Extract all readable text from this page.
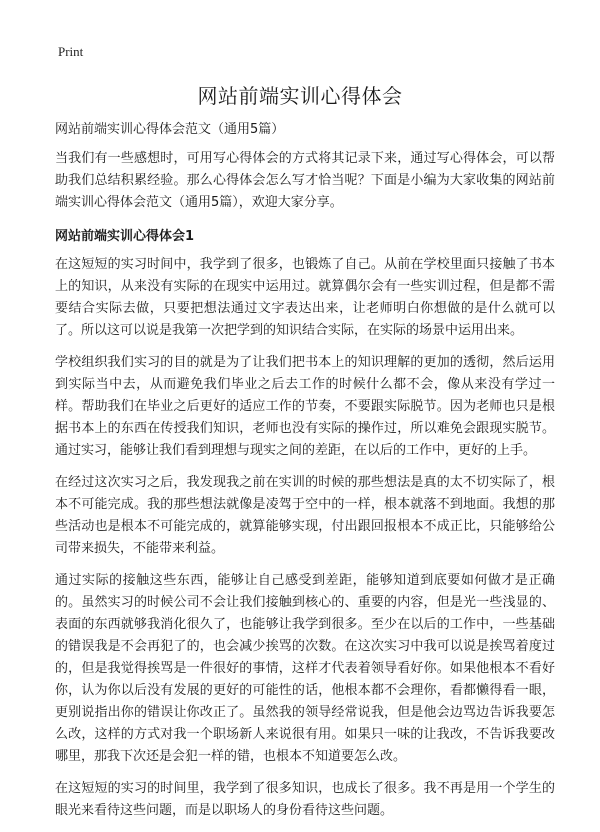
Print
网站前端实训心得体会

网站前端实训心得体会范文（通用5篇）

当我们有一些感想时，可用写心得体会的方式将其记录下来，通过写心得体会，可以帮助我们总结积累经验。那么心得体会怎么写才恰当呢？下面是小编为大家收集的网站前端实训心得体会范文（通用5篇），欢迎大家分享。

网站前端实训心得体会1

在这短短的实习时间中，我学到了很多，也锻炼了自己。从前在学校里面只接触了书本上的知识，从来没有实际的在现实中运用过。就算偶尔会有一些实训过程，但是都不需要结合实际去做，只要把想法通过文字表达出来，让老师明白你想做的是什么就可以了。所以这可以说是我第一次把学到的知识结合实际，在实际的场景中运用出来。

学校组织我们实习的目的就是为了让我们把书本上的知识理解的更加的透彻，然后运用到实际当中去，从而避免我们毕业之后去工作的时候什么都不会，像从来没有学过一样。帮助我们在毕业之后更好的适应工作的节奏，不要跟实际脱节。因为老师也只是根据书本上的东西在传授我们知识，老师也没有实际的操作过，所以难免会跟现实脱节。通过实习，能够让我们看到理想与现实之间的差距，在以后的工作中，更好的上手。

在经过这次实习之后，我发现我之前在实训的时候的那些想法是真的太不切实际了，根本不可能完成。我的那些想法就像是凌驾于空中的一样，根本就落不到地面。我想的那些活动也是根本不可能完成的，就算能够实现，付出跟回报根本不成正比，只能够给公司带来损失，不能带来利益。

通过实际的接触这些东西，能够让自己感受到差距，能够知道到底要如何做才是正确的。虽然实习的时候公司不会让我们接触到核心的、重要的内容，但是光一些浅显的、表面的东西就够我消化很久了，也能够让我学到很多。至少在以后的工作中，一些基础的错误我是不会再犯了的，也会减少挨骂的次数。在这次实习中我可以说是挨骂着度过的，但是我觉得挨骂是一件很好的事情，这样才代表着领导看好你。如果他根本不看好你，认为你以后没有发展的更好的可能性的话，他根本都不会理你，看都懒得看一眼，更别说指出你的错误让你改正了。虽然我的领导经常说我，但是他会边骂边告诉我要怎么改，这样的方式对我一个职场新人来说很有用。如果只一味的让我改，不告诉我要改哪里，那我下次还是会犯一样的错，也根本不知道要怎么改。

在这短短的实习的时间里，我学到了很多知识，也成长了很多。我不再是用一个学生的眼光来看待这些问题，而是以职场人的身份看待这些问题。
